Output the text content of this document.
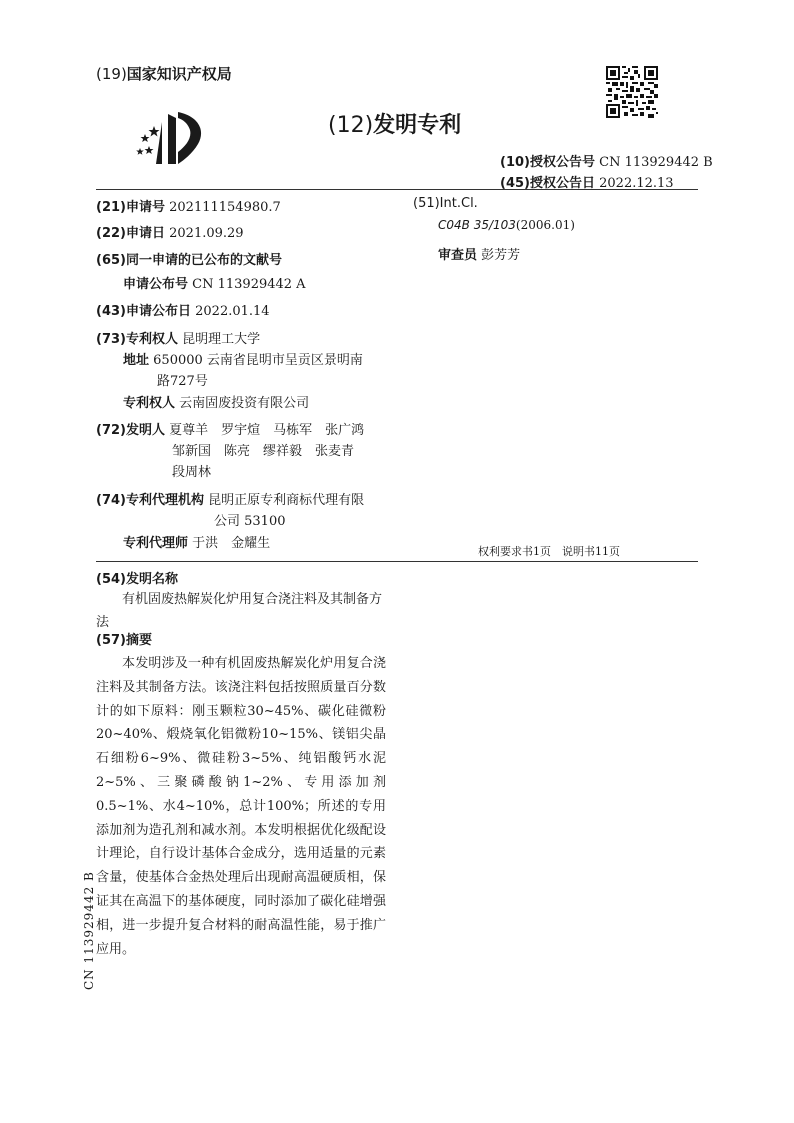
(19)国家知识产权局
(12)发明专利
(10)授权公告号 CN 113929442 B
(45)授权公告日 2022.12.13
(21)申请号 202111154980.7
(22)申请日 2021.09.29
(65)同一申请的已公布的文献号
申请公布号 CN 113929442 A
(43)申请公布日 2022.01.14
(73)专利权人 昆明理工大学
地址 650000 云南省昆明市呈贡区景明南
路727号
专利权人 云南固废投资有限公司
(72)发明人 夏尊羊　罗宇煊　马栋军　张广鸿
邹新国　陈亮　缪祥毅　张麦青
段周林
(74)专利代理机构 昆明正原专利商标代理有限
公司 53100
专利代理师 于洪　金耀生
(51)Int.Cl.
C04B 35/103(2006.01)
审查员 彭芳芳
权利要求书1页　说明书11页
(54)发明名称
有机固废热解炭化炉用复合浇注料及其制备方法
(57)摘要
本发明涉及一种有机固废热解炭化炉用复合浇注料及其制备方法。该浇注料包括按照质量百分数计的如下原料：刚玉颗粒30~45%、碳化硅微粉20~40%、煅烧氧化铝微粉10~15%、镁铝尖晶石细粉6~9%、微硅粉3~5%、纯铝酸钙水泥2~5%、三聚磷酸钠1~2%、专用添加剂0.5~1%、水4~10%，总计100%；所述的专用添加剂为造孔剂和减水剂。本发明根据优化级配设计理论，自行设计基体合金成分，选用适量的元素含量，使基体合金热处理后出现耐高温硬质相，保证其在高温下的基体硬度，同时添加了碳化硅增强相，进一步提升复合材料的耐高温性能，易于推广应用。
CN 113929442 B
